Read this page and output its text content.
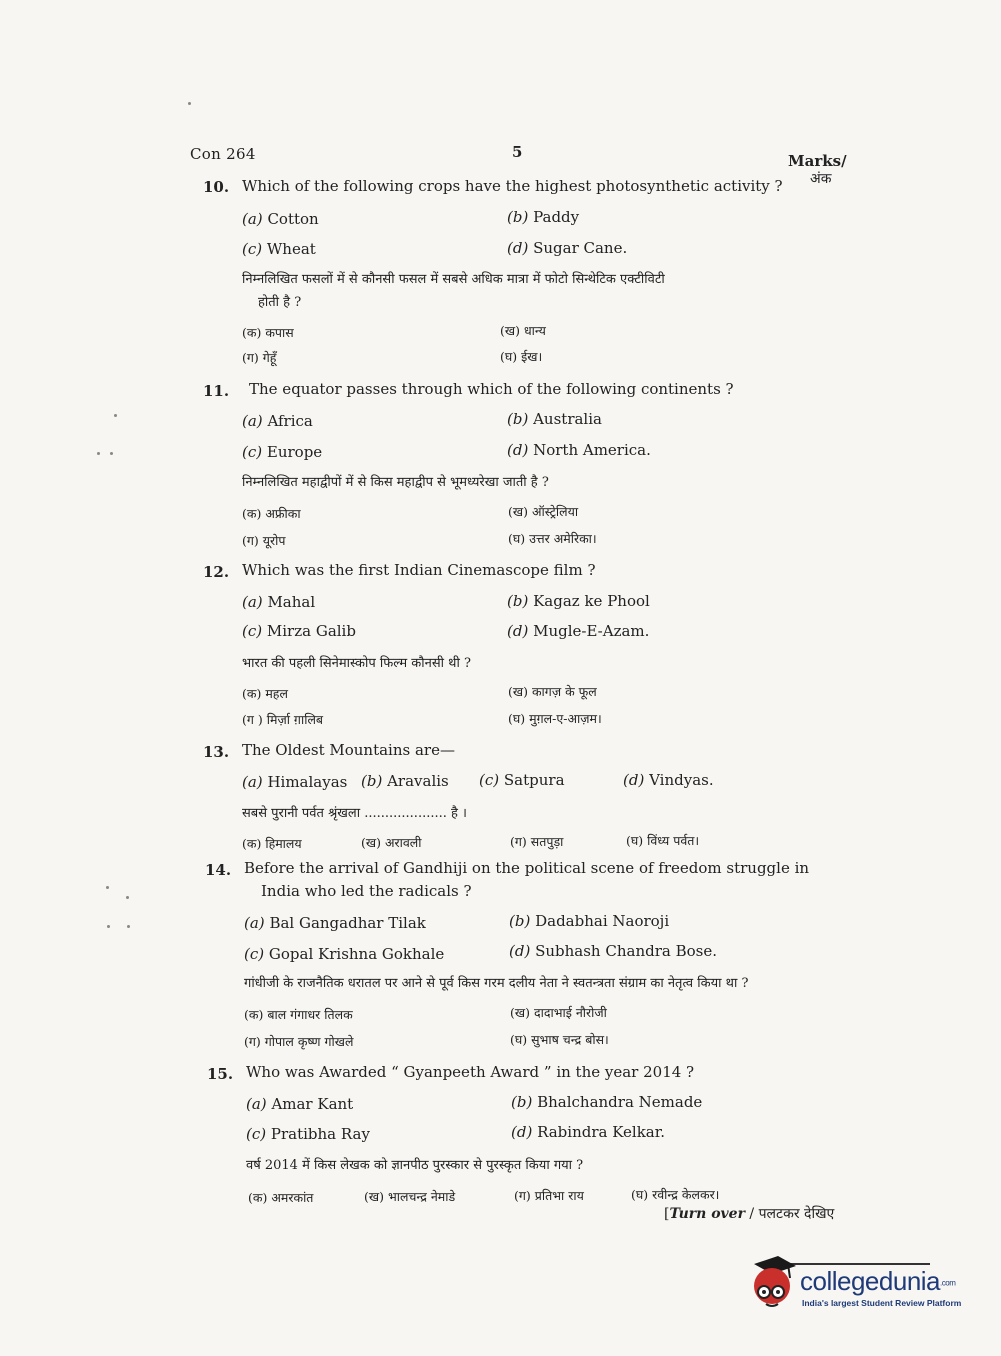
Con 264	5	Marks/
अंक
10. Which of the following crops have the highest photosynthetic activity ?
(a) Cotton	(b) Paddy
(c) Wheat	(d) Sugar Cane.
निम्नलिखित फसलों में से कौनसी फसल में सबसे अधिक मात्रा में फोटो सिन्थेटिक एक्टीविटी
होती है ?
(क) कपास	(ख) धान्य
(ग) गेहूँ	(घ) ईख।
11. The equator passes through which of the following continents ?
(a) Africa	(b) Australia
(c) Europe	(d) North America.
निम्नलिखित महाद्वीपों में से किस महाद्वीप से भूमध्यरेखा जाती है ?
(क) अफ्रीका	(ख) ऑस्ट्रेलिया
(ग) यूरोप	(घ) उत्तर अमेरिका।
12. Which was the first Indian Cinemascope film ?
(a) Mahal	(b) Kagaz ke Phool
(c) Mirza Galib	(d) Mugle-E-Azam.
भारत की पहली सिनेमास्कोप फिल्म कौनसी थी ?
(क) महल	(ख) कागज़ के फूल
(ग ) मिर्ज़ा ग़ालिब	(घ) मुग़ल-ए-आज़म।
13. The Oldest Mountains are—
(a) Himalayas (b) Aravalis (c) Satpura	(d) Vindyas.
सबसे पुरानी पर्वत श्रृंखला .................... है ।
(क) हिमालय	(ख) अरावली	(ग) सतपुड़ा	(घ) विंध्य पर्वत।
14. Before the arrival of Gandhiji on the political scene of freedom struggle in
India who led the radicals ?
(a) Bal Gangadhar Tilak	(b) Dadabhai Naoroji
(c) Gopal Krishna Gokhale	(d) Subhash Chandra Bose.
गांधीजी के राजनैतिक धरातल पर आने से पूर्व किस गरम दलीय नेता ने स्वतन्त्रता संग्राम का नेतृत्व किया था ?
(क) बाल गंगाधर तिलक	(ख) दादाभाई नौरोजी
(ग) गोपाल कृष्ण गोखले	(घ) सुभाष चन्द्र बोस।
15. Who was Awarded “ Gyanpeeth Award ” in the year 2014 ?
(a) Amar Kant	(b) Bhalchandra Nemade
(c) Pratibha Ray	(d) Rabindra Kelkar.
वर्ष 2014 में किस लेखक को ज्ञानपीठ पुरस्कार से पुरस्कृत किया गया ?
(क) अमरकांत	(ख) भालचन्द्र नेमाडे	(ग) प्रतिभा राय	(घ) रवीन्द्र केलकर।
[Turn over / पलटकर देखिए
collegedunia.com
India's largest Student Review Platform
